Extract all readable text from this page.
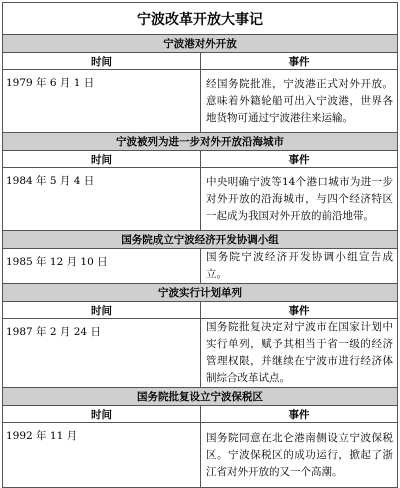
宁波改革开放大事记	
宁波港对外开放	
时间	事件
1979 年 6 月 1 日	经国务院批准，宁波港正式对外开放。意味着外籍轮船可出入宁波港，世界各地货物可通过宁波港往来运输。
宁波被列为进一步对外开放沿海城市	
时间	事件
1984 年 5 月 4 日	中央明确宁波等14个港口城市为进一步对外开放的沿海城市，与四个经济特区一起成为我国对外开放的前沿地带。
国务院成立宁波经济开发协调小组	
1985 年 12 月 10 日	国务院宁波经济开发协调小组宣告成立。
宁波实行计划单列	
时间	事件
1987 年 2 月 24 日	国务院批复决定对宁波市在国家计划中实行单列，赋予其相当于省一级的经济管理权限，并继续在宁波市进行经济体制综合改革试点。
国务院批复设立宁波保税区	
时间	事件
1992 年 11 月	国务院同意在北仑港南侧设立宁波保税区。宁波保税区的成功运行，掀起了浙江省对外开放的又一个高潮。
